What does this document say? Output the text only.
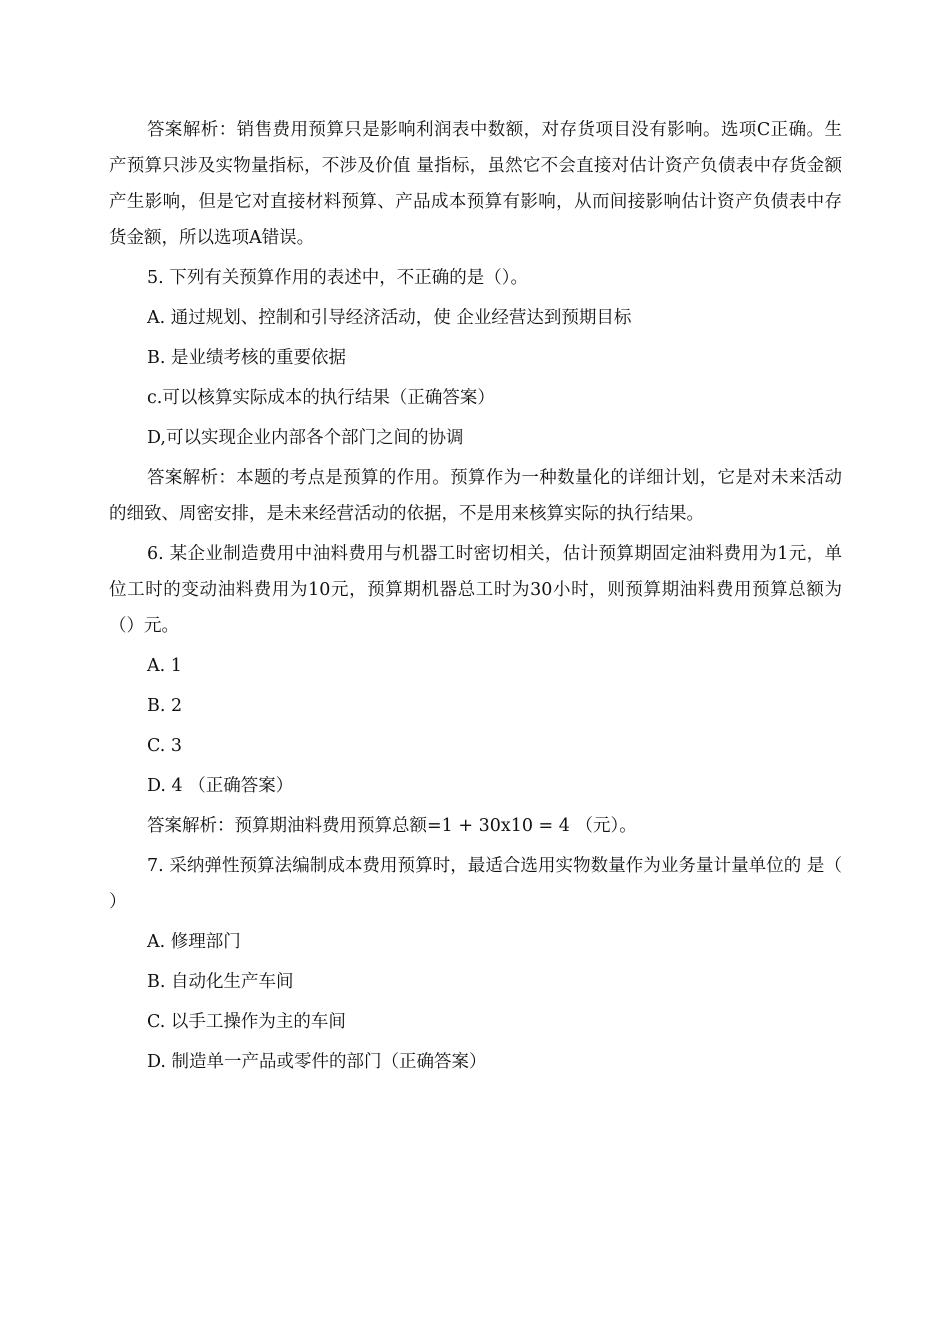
答案解析：销售费用预算只是影响利润表中数额，对存货项目没有影响。选项C正确。生产预算只涉及实物量指标，不涉及价值 量指标，虽然它不会直接对估计资产负债表中存货金额产生影响，但是它对直接材料预算、产品成本预算有影响，从而间接影响估计资产负债表中存货金额，所以选项A错误。

5. 下列有关预算作用的表述中，不正确的是（）。

A. 通过规划、控制和引导经济活动，使 企业经营达到预期目标

B. 是业绩考核的重要依据

c.可以核算实际成本的执行结果（正确答案）

D,可以实现企业内部各个部门之间的协调

答案解析：本题的考点是预算的作用。预算作为一种数量化的详细计划，它是对未来活动的细致、周密安排，是未来经营活动的依据，不是用来核算实际的执行结果。

6. 某企业制造费用中油料费用与机器工时密切相关，估计预算期固定油料费用为1元，单位工时的变动油料费用为10元，预算期机器总工时为30小时，则预算期油料费用预算总额为（）元。

A. 1

B. 2

C. 3

D. 4 （正确答案）

答案解析：预算期油料费用预算总额=1 + 30x10 = 4 （元）。

7. 采纳弹性预算法编制成本费用预算时，最适合选用实物数量作为业务量计量单位的 是（ ）

A. 修理部门

B. 自动化生产车间

C. 以手工操作为主的车间

D. 制造单一产品或零件的部门（正确答案）
